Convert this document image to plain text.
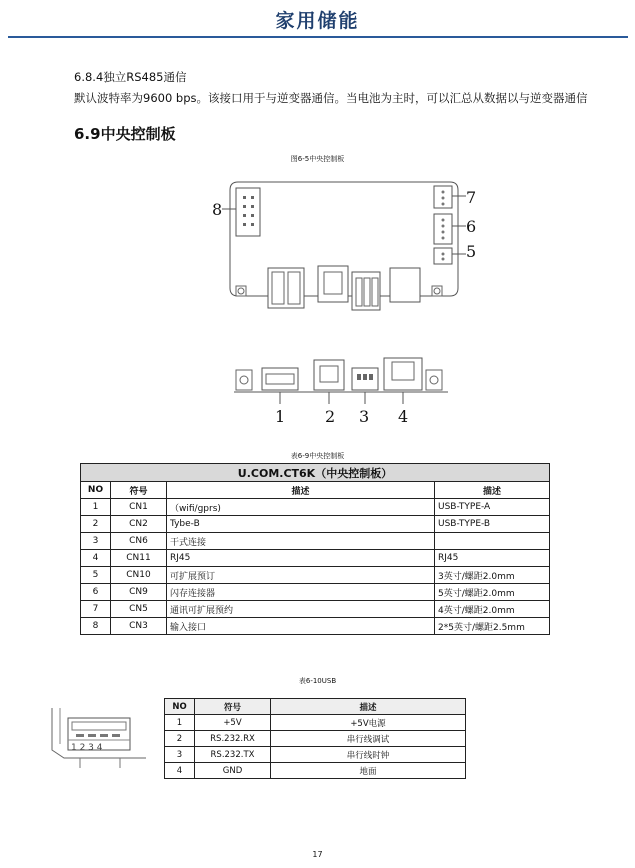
家用储能
6.8.4独立RS485通信
默认波特率为9600 bps。该接口用于与逆变器通信。当电池为主时，可以汇总从数据以与逆变器通信
6.9中央控制板
图6-5中央控制板
8
7
6
5
1 2 3 4
表6-9中央控制板
U.COM.CT6K（中央控制板）			
NO	符号	描述	描述
1	CN1	（wifi/gprs)	USB-TYPE-A
2	CN2	Tybe-B	USB-TYPE-B
3	CN6	干式连接	
4	CN11	RJ45	RJ45
5	CN10	可扩展预订	3英寸/螺距2.0mm
6	CN9	闪存连接器	5英寸/螺距2.0mm
7	CN5	通讯可扩展预约	4英寸/螺距2.0mm
8	CN3	输入接口	2*5英寸/螺距2.5mm
表6-10USB
1 2 3 4
NO	符号	描述
1	+5V	+5V电源
2	RS.232.RX	串行线调试
3	RS.232.TX	串行线时钟
4	GND	地面
17
